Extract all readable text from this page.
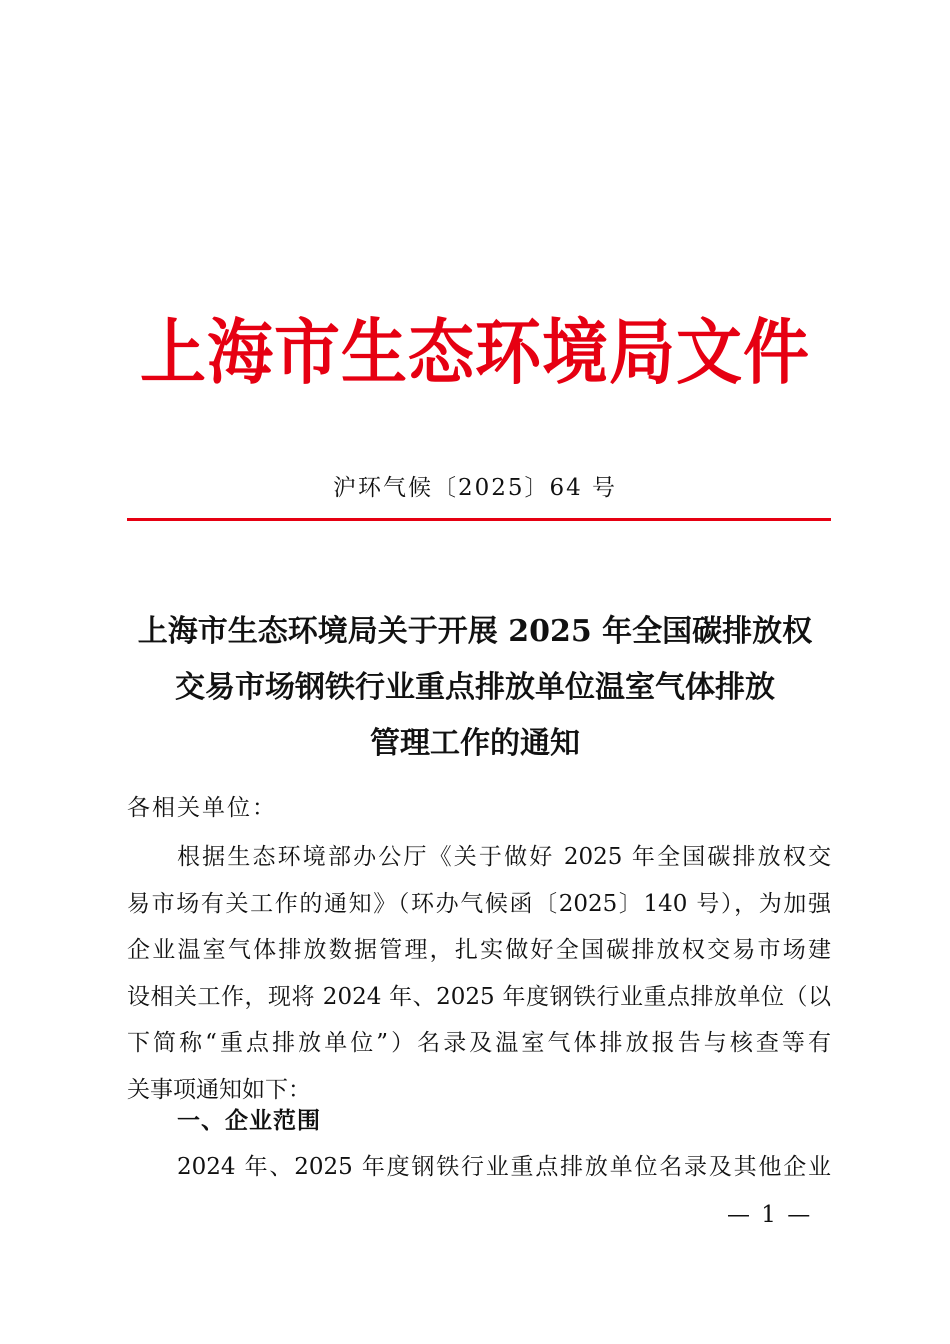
上海市生态环境局文件
沪环气候〔2025〕64 号
上海市生态环境局关于开展 2025 年全国碳排放权
交易市场钢铁行业重点排放单位温室气体排放
管理工作的通知
各相关单位：
根据生态环境部办公厅《关于做好 2025 年全国碳排放权交
易市场有关工作的通知》（环办气候函〔2025〕140 号），为加强
企业温室气体排放数据管理，扎实做好全国碳排放权交易市场建
设相关工作，现将 2024 年、2025 年度钢铁行业重点排放单位（以
下简称“重点排放单位”）名录及温室气体排放报告与核查等有
关事项通知如下：
一、企业范围
2024 年、2025 年度钢铁行业重点排放单位名录及其他企业
— 1 —
